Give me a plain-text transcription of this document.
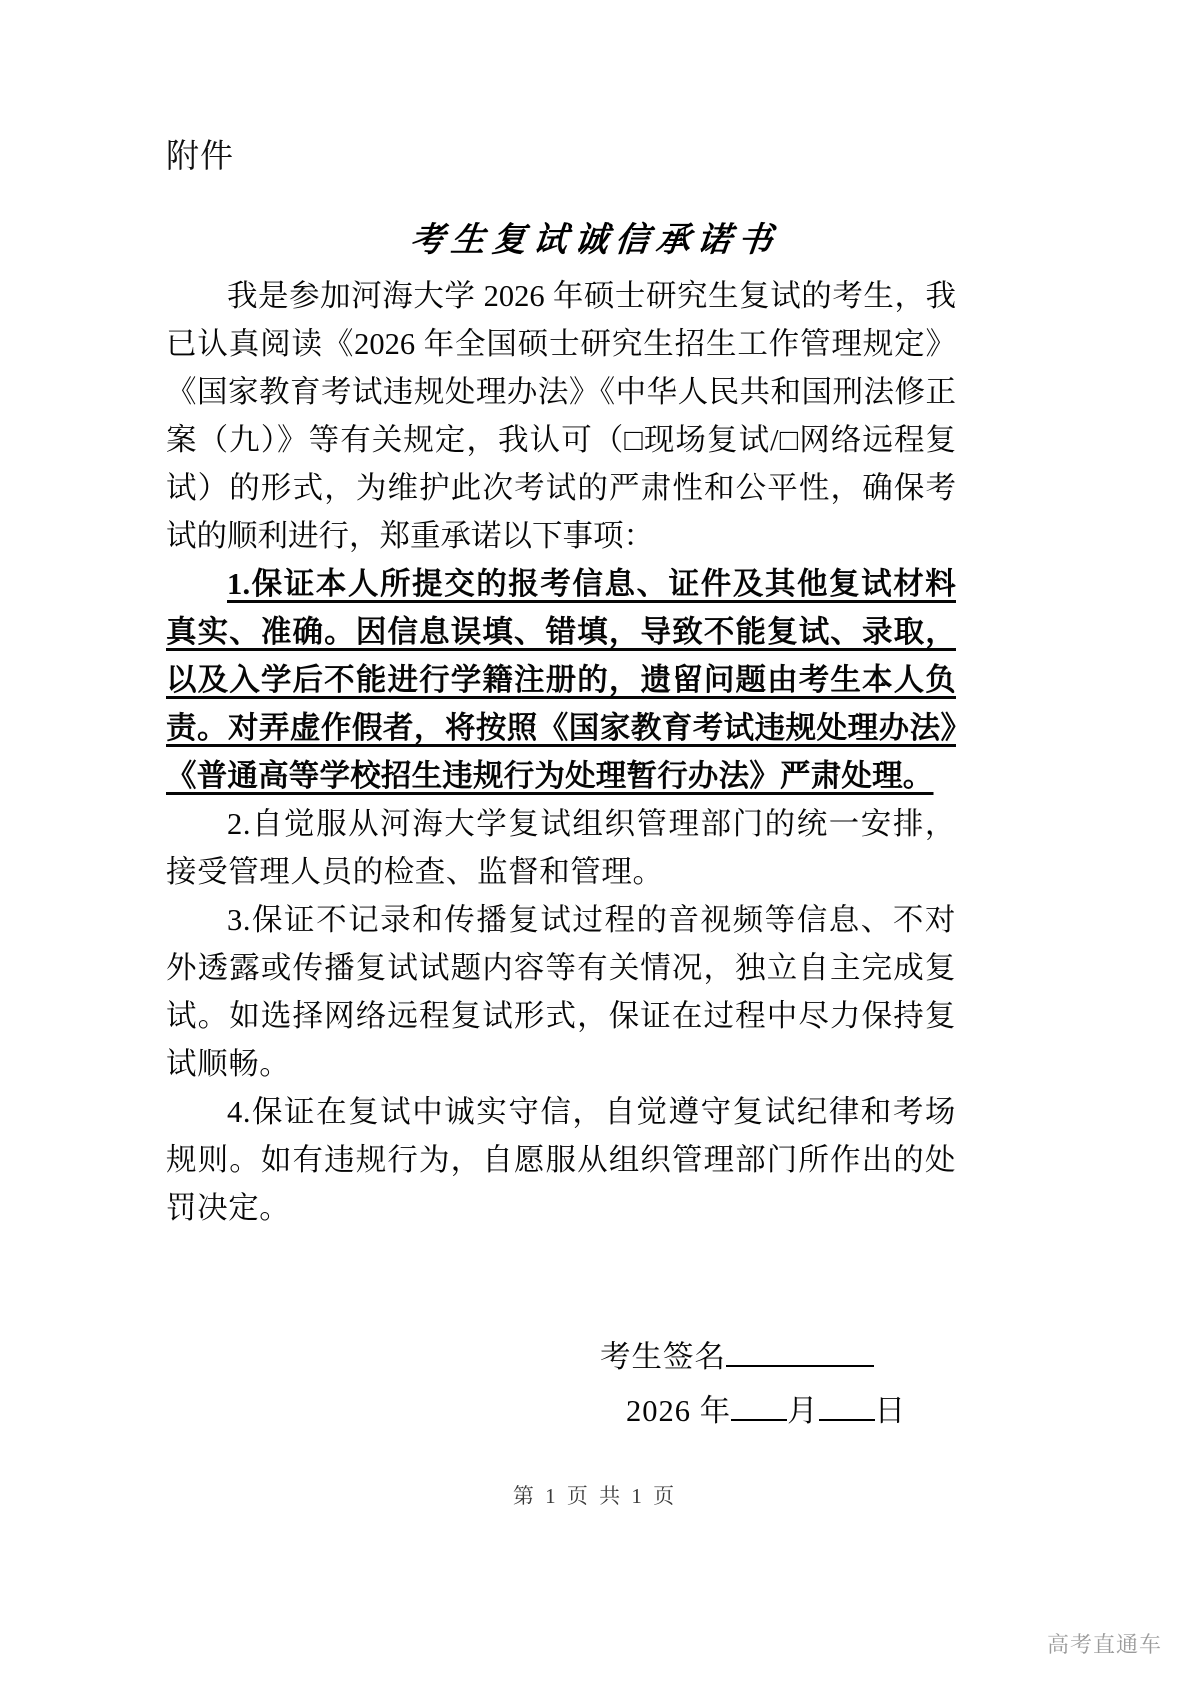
附件
考生复试诚信承诺书

我是参加河海大学 2026 年硕士研究生复试的考生，我已认真阅读《2026 年全国硕士研究生招生工作管理规定》《国家教育考试违规处理办法》《中华人民共和国刑法修正案（九）》等有关规定，我认可（□现场复试/□网络远程复试）的形式，为维护此次考试的严肃性和公平性，确保考试的顺利进行，郑重承诺以下事项：

1.保证本人所提交的报考信息、证件及其他复试材料真实、准确。因信息误填、错填，导致不能复试、录取，以及入学后不能进行学籍注册的，遗留问题由考生本人负责。对弄虚作假者，将按照《国家教育考试违规处理办法》《普通高等学校招生违规行为处理暂行办法》严肃处理。

2.自觉服从河海大学复试组织管理部门的统一安排，接受管理人员的检查、监督和管理。

3.保证不记录和传播复试过程的音视频等信息、不对外透露或传播复试试题内容等有关情况，独立自主完成复试。如选择网络远程复试形式，保证在过程中尽力保持复试顺畅。

4.保证在复试中诚实守信，自觉遵守复试纪律和考场规则。如有违规行为，自愿服从组织管理部门所作出的处罚决定。

考生签名
2026 年 月 日
第 1 页 共 1 页
高考直通车
